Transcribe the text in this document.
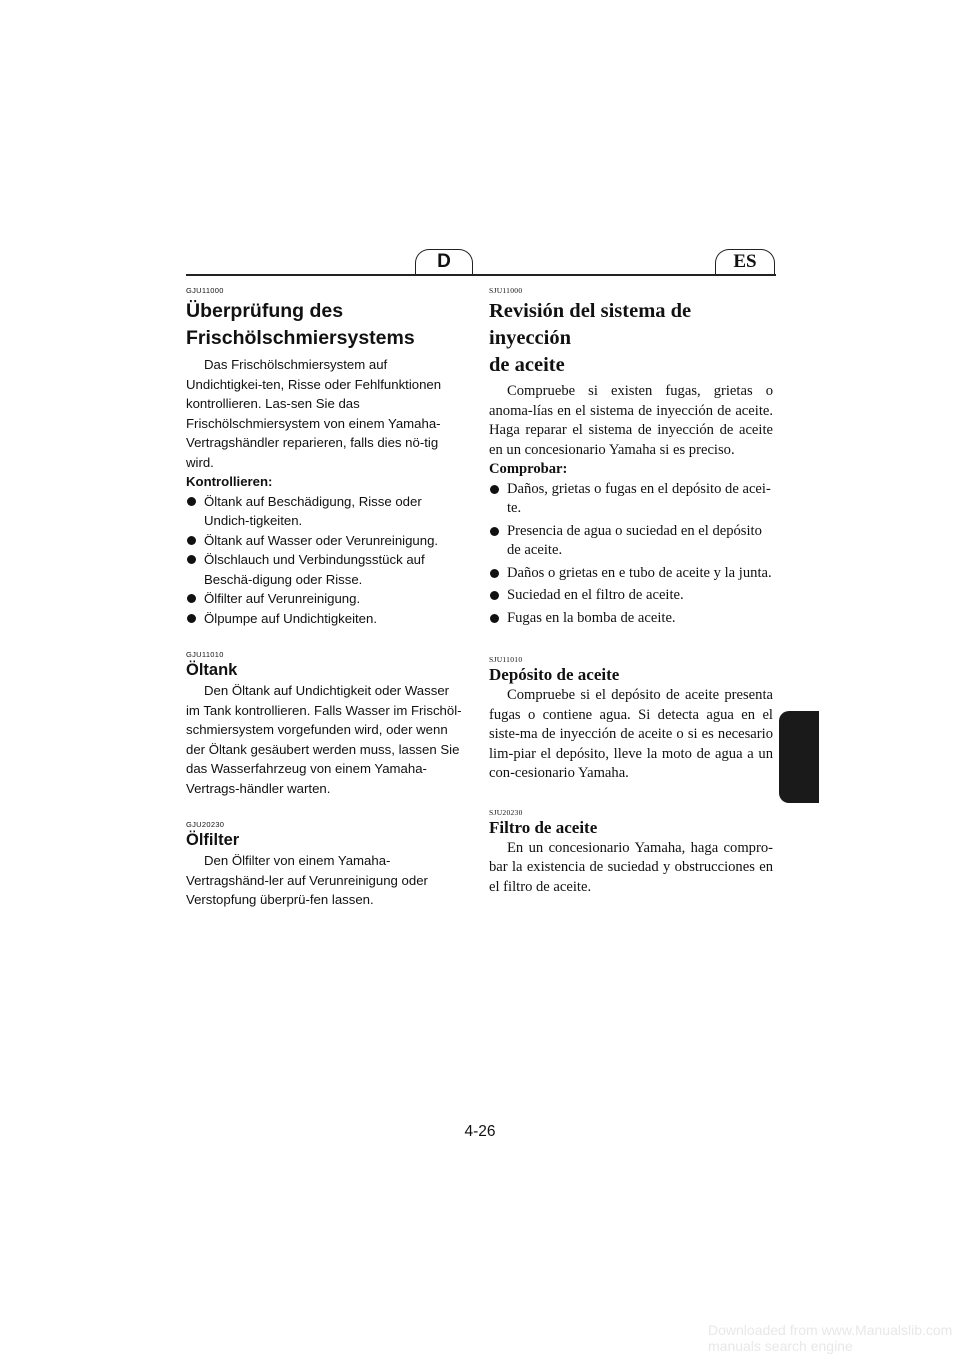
D	ES

GJU11000

Überprüfung des
Frischölschmiersystems

Das Frischölschmiersystem auf Undichtigkei-ten, Risse oder Fehlfunktionen kontrollieren. Las-sen Sie das Frischölschmiersystem von einem Yamaha-Vertragshändler reparieren, falls dies nö-tig wird.

Kontrollieren:

Öltank auf Beschädigung, Risse oder Undich-tigkeiten.
Öltank auf Wasser oder Verunreinigung.
Ölschlauch und Verbindungsstück auf Beschä-digung oder Risse.
Ölfilter auf Verunreinigung.
Ölpumpe auf Undichtigkeiten.

GJU11010

Öltank

Den Öltank auf Undichtigkeit oder Wasser im Tank kontrollieren. Falls Wasser im Frischöl-schmiersystem vorgefunden wird, oder wenn der Öltank gesäubert werden muss, lassen Sie das Wasserfahrzeug von einem Yamaha-Vertrags-händler warten.

GJU20230

Ölfilter

Den Ölfilter von einem Yamaha-Vertragshänd-ler auf Verunreinigung oder Verstopfung überprü-fen lassen.

SJU11000

Revisión del sistema de inyección
de aceite

Compruebe si existen fugas, grietas o anoma-lías en el sistema de inyección de aceite. Haga reparar el sistema de inyección de aceite en un concesionario Yamaha si es preciso.

Comprobar:

Daños, grietas o fugas en el depósito de acei-te.
Presencia de agua o suciedad en el depósito de aceite.
Daños o grietas en e tubo de aceite y la junta.
Suciedad en el filtro de aceite.
Fugas en la bomba de aceite.

SJU11010

Depósito de aceite

Compruebe si el depósito de aceite presenta fugas o contiene agua. Si detecta agua en el siste-ma de inyección de aceite o si es necesario lim-piar el depósito, lleve la moto de agua a un con-cesionario Yamaha.

SJU20230

Filtro de aceite

En un concesionario Yamaha, haga compro-bar la existencia de suciedad y obstrucciones en el filtro de aceite.

4-26
Downloaded from www.Manualslib.com manuals search engine
